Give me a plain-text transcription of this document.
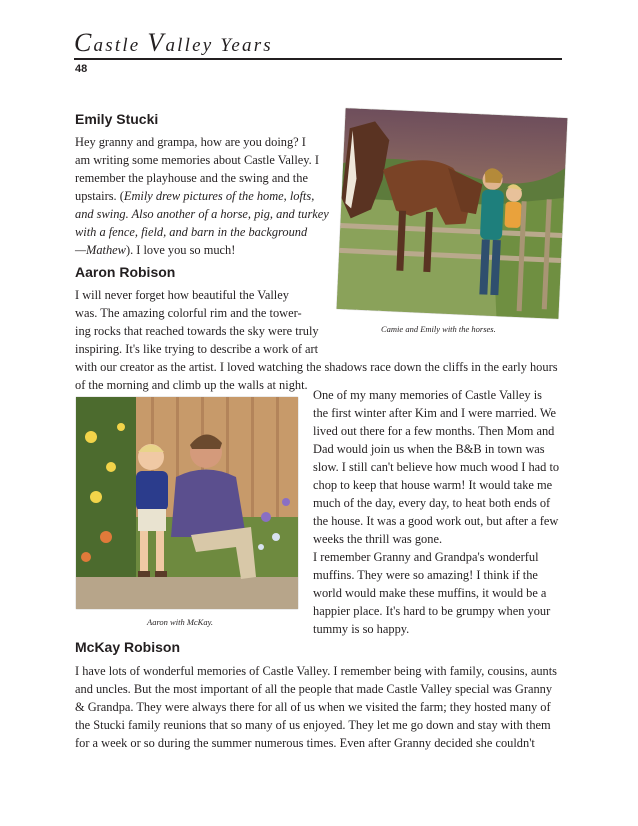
Castle Valley Years
48
Emily Stucki
Hey granny and grampa, how are you doing? I
am writing some memories about Castle Valley. I
remember the playhouse and the swing and the
upstairs. (Emily drew pictures of the home, lofts,
and swing. Also another of a horse, pig, and turkey
with a fence, field, and barn in the background
—Mathew). I love you so much!
Camie and Emily with the horses.
Aaron Robison
I will never forget how beautiful the Valley
was. The amazing colorful rim and the tower-
ing rocks that reached towards the sky were truly
inspiring. It's like trying to describe a work of art
with our creator as the artist. I loved watching the shadows race down the cliffs in the early hours
of the morning and climb up the walls at night.
Aaron with McKay.
One of my many memories of Castle Valley is
the first winter after Kim and I were married. We
lived out there for a few months. Then Mom and
Dad would join us when the B&B in town was
slow. I still can't believe how much wood I had to
chop to keep that house warm! It would take me
much of the day, every day, to heat both ends of
the house. It was a good work out, but after a few
weeks the thrill was gone.
I remember Granny and Grandpa's wonderful
muffins. They were so amazing! I think if the
world would make these muffins, it would be a
happier place. It's hard to be grumpy when your
tummy is so happy.
McKay Robison
I have lots of wonderful memories of Castle Valley. I remember being with family, cousins, aunts
and uncles. But the most important of all the people that made Castle Valley special was Granny
& Grandpa. They were always there for all of us when we visited the farm; they hosted many of
the Stucki family reunions that so many of us enjoyed. They let me go down and stay with them
for a week or so during the summer numerous times. Even after Granny decided she couldn't
